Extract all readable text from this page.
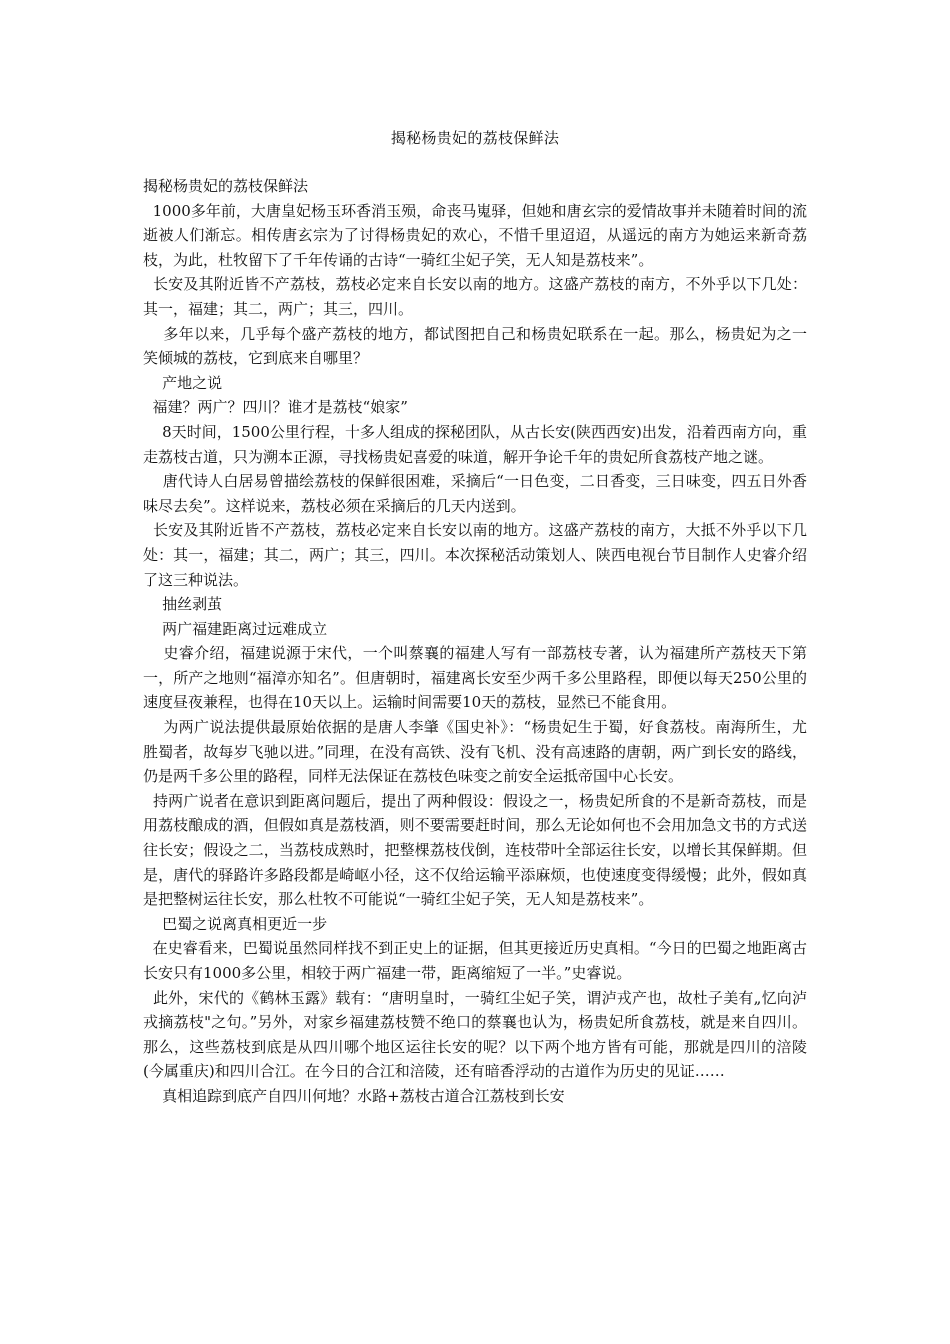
揭秘杨贵妃的荔枝保鲜法

揭秘杨贵妃的荔枝保鲜法

1000多年前，大唐皇妃杨玉环香消玉殒，命丧马嵬驿，但她和唐玄宗的爱情故事并未随着时间的流逝被人们渐忘。相传唐玄宗为了讨得杨贵妃的欢心，不惜千里迢迢，从遥远的南方为她运来新奇荔枝，为此，杜牧留下了千年传诵的古诗“一骑红尘妃子笑，无人知是荔枝来”。

长安及其附近皆不产荔枝，荔枝必定来自长安以南的地方。这盛产荔枝的南方，不外乎以下几处：其一，福建；其二，两广；其三，四川。

多年以来，几乎每个盛产荔枝的地方，都试图把自己和杨贵妃联系在一起。那么，杨贵妃为之一笑倾城的荔枝，它到底来自哪里？

产地之说

福建？两广？四川？谁才是荔枝“娘家”

8天时间，1500公里行程，十多人组成的探秘团队，从古长安(陕西西安)出发，沿着西南方向，重走荔枝古道，只为溯本正源，寻找杨贵妃喜爱的味道，解开争论千年的贵妃所食荔枝产地之谜。

唐代诗人白居易曾描绘荔枝的保鲜很困难，采摘后“一日色变，二日香变，三日味变，四五日外香味尽去矣”。这样说来，荔枝必须在采摘后的几天内送到。

长安及其附近皆不产荔枝，荔枝必定来自长安以南的地方。这盛产荔枝的南方，大抵不外乎以下几处：其一，福建；其二，两广；其三，四川。本次探秘活动策划人、陕西电视台节目制作人史睿介绍了这三种说法。

抽丝剥茧

两广福建距离过远难成立

史睿介绍，福建说源于宋代，一个叫蔡襄的福建人写有一部荔枝专著，认为福建所产荔枝天下第一，所产之地则“福漳亦知名”。但唐朝时，福建离长安至少两千多公里路程，即便以每天250公里的速度昼夜兼程，也得在10天以上。运输时间需要10天的荔枝，显然已不能食用。

为两广说法提供最原始依据的是唐人李肇《国史补》：“杨贵妃生于蜀，好食荔枝。南海所生，尤胜蜀者，故每岁飞驰以进。”同理，在没有高铁、没有飞机、没有高速路的唐朝，两广到长安的路线，仍是两千多公里的路程，同样无法保证在荔枝色味变之前安全运抵帝国中心长安。

持两广说者在意识到距离问题后，提出了两种假设：假设之一，杨贵妃所食的不是新奇荔枝，而是用荔枝酿成的酒，但假如真是荔枝酒，则不要需要赶时间，那么无论如何也不会用加急文书的方式送往长安；假设之二，当荔枝成熟时，把整棵荔枝伐倒，连枝带叶全部运往长安，以增长其保鲜期。但是，唐代的驿路许多路段都是崎岖小径，这不仅给运输平添麻烦，也使速度变得缓慢；此外，假如真是把整树运往长安，那么杜牧不可能说“一骑红尘妃子笑，无人知是荔枝来”。

巴蜀之说离真相更近一步

在史睿看来，巴蜀说虽然同样找不到正史上的证据，但其更接近历史真相。“今日的巴蜀之地距离古长安只有1000多公里，相较于两广福建一带，距离缩短了一半。”史睿说。

此外，宋代的《鹤林玉露》载有：“唐明皇时，一骑红尘妃子笑，谓泸戎产也，故杜子美有„忆向泸戎摘荔枝"之句。”另外，对家乡福建荔枝赞不绝口的蔡襄也认为，杨贵妃所食荔枝，就是来自四川。那么，这些荔枝到底是从四川哪个地区运往长安的呢？以下两个地方皆有可能，那就是四川的涪陵(今属重庆)和四川合江。在今日的合江和涪陵，还有暗香浮动的古道作为历史的见证……

真相追踪到底产自四川何地？水路+荔枝古道合江荔枝到长安
